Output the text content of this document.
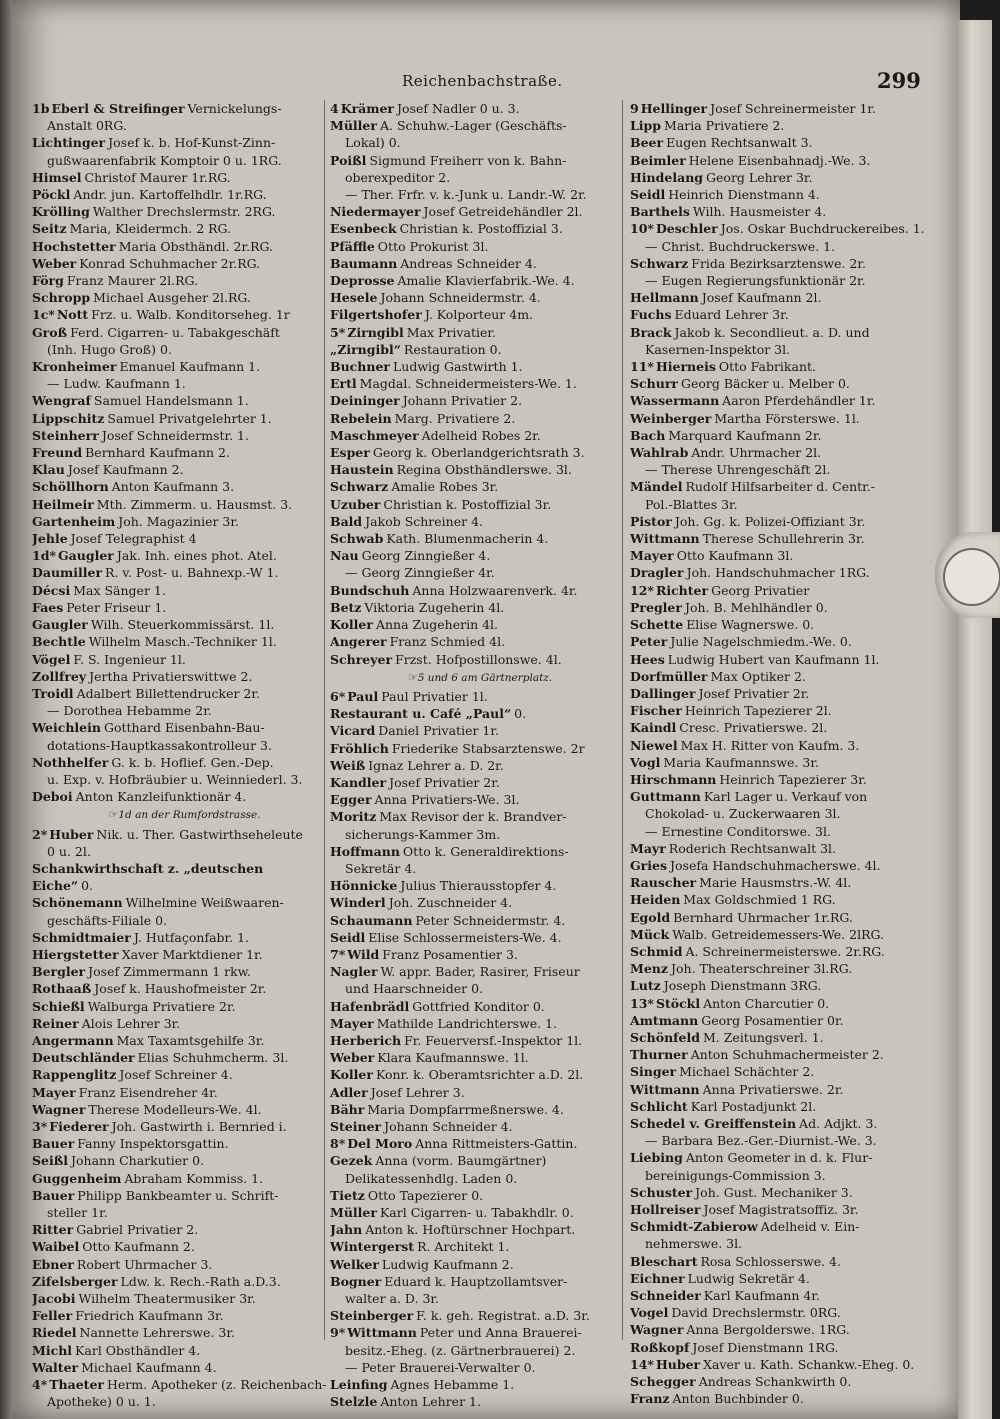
Reichenbachstraße.	299
1b Eberl & Streifinger Vernickelungs-
Anstalt 0RG.
Lichtinger Josef k. b. Hof-Kunst-Zinn-
gußwaarenfabrik Komptoir 0 u. 1RG.
Himsel Christof Maurer 1r.RG.
Pöckl Andr. jun. Kartoffelhdlr. 1r.RG.
Krölling Walther Drechslermstr. 2RG.
Seitz Maria, Kleidermch. 2 RG.
Hochstetter Maria Obsthändl. 2r.RG.
Weber Konrad Schuhmacher 2r.RG.
Förg Franz Maurer 2l.RG.
Schropp Michael Ausgeher 2l.RG.
1c* Nott Frz. u. Walb. Konditorseheg. 1r
Groß Ferd. Cigarren- u. Tabakgeschäft
(Inh. Hugo Groß) 0.
Kronheimer Emanuel Kaufmann 1.
— Ludw. Kaufmann 1.
Wengraf Samuel Handelsmann 1.
Lippschitz Samuel Privatgelehrter 1.
Steinherr Josef Schneidermstr. 1.
Freund Bernhard Kaufmann 2.
Klau Josef Kaufmann 2.
Schöllhorn Anton Kaufmann 3.
Heilmeir Mth. Zimmerm. u. Hausmst. 3.
Gartenheim Joh. Magazinier 3r.
Jehle Josef Telegraphist 4
1d* Gaugler Jak. Inh. eines phot. Atel.
Daumiller R. v. Post- u. Bahnexp.-W 1.
Décsi Max Sänger 1.
Faes Peter Friseur 1.
Gaugler Wilh. Steuerkommissärst. 1l.
Bechtle Wilhelm Masch.-Techniker 1l.
Vögel F. S. Ingenieur 1l.
Zollfrey Jertha Privatierswittwe 2.
Troidl Adalbert Billettendrucker 2r.
— Dorothea Hebamme 2r.
Weichlein Gotthard Eisenbahn-Bau-
dotations-Hauptkassakontrolleur 3.
Nothhelfer G. k. b. Hoflief. Gen.-Dep.
u. Exp. v. Hofbräubier u. Weinniederl. 3.
Deboi Anton Kanzleifunktionär 4.
☞ 1d an der Rumfordstrasse.
2* Huber Nik. u. Ther. Gastwirthseheleute
0 u. 2l.
Schankwirthschaft z. „deutschen
Eiche“ 0.
Schönemann Wilhelmine Weißwaaren-
geschäfts-Filiale 0.
Schmidtmaier J. Hutfaçonfabr. 1.
Hiergstetter Xaver Marktdiener 1r.
Bergler Josef Zimmermann 1 rkw.
Rothaaß Josef k. Haushofmeister 2r.
Schießl Walburga Privatiere 2r.
Reiner Alois Lehrer 3r.
Angermann Max Taxamtsgehilfe 3r.
Deutschländer Elias Schuhmcherm. 3l.
Rappenglitz Josef Schreiner 4.
Mayer Franz Eisendreher 4r.
Wagner Therese Modelleurs-We. 4l.
3* Fiederer Joh. Gastwirth i. Bernried i.
Bauer Fanny Inspektorsgattin.
Seißl Johann Charkutier 0.
Guggenheim Abraham Kommiss. 1.
Bauer Philipp Bankbeamter u. Schrift-
steller 1r.
Ritter Gabriel Privatier 2.
Waibel Otto Kaufmann 2.
Ebner Robert Uhrmacher 3.
Zifelsberger Ldw. k. Rech.-Rath a.D.3.
Jacobi Wilhelm Theatermusiker 3r.
Feller Friedrich Kaufmann 3r.
Riedel Nannette Lehrerswe. 3r.
Michl Karl Obsthändler 4.
Walter Michael Kaufmann 4.
4* Thaeter Herm. Apotheker (z. Reichenbach-
Apotheke) 0 u. 1.
4 Krämer Josef Nadler 0 u. 3.
Müller A. Schuhw.-Lager (Geschäfts-
Lokal) 0.
Poißl Sigmund Freiherr von k. Bahn-
oberexpeditor 2.
— Ther. Frfr. v. k.-Junk u. Landr.-W. 2r.
Niedermayer Josef Getreidehändler 2l.
Esenbeck Christian k. Postoffizial 3.
Pfäffle Otto Prokurist 3l.
Baumann Andreas Schneider 4.
Deprosse Amalie Klavierfabrik.-We. 4.
Hesele Johann Schneidermstr. 4.
Filgertshofer J. Kolporteur 4m.
5* Zirngibl Max Privatier.
„Zirngibl“ Restauration 0.
Buchner Ludwig Gastwirth 1.
Ertl Magdal. Schneidermeisters-We. 1.
Deininger Johann Privatier 2.
Rebelein Marg. Privatiere 2.
Maschmeyer Adelheid Robes 2r.
Esper Georg k. Oberlandgerichtsrath 3.
Haustein Regina Obsthändlerswe. 3l.
Schwarz Amalie Robes 3r.
Uzuber Christian k. Postoffizial 3r.
Bald Jakob Schreiner 4.
Schwab Kath. Blumenmacherin 4.
Nau Georg Zinngießer 4.
— Georg Zinngießer 4r.
Bundschuh Anna Holzwaarenverk. 4r.
Betz Viktoria Zugeherin 4l.
Koller Anna Zugeherin 4l.
Angerer Franz Schmied 4l.
Schreyer Frzst. Hofpostillonswe. 4l.
☞ 5 und 6 am Gärtnerplatz.
6* Paul Paul Privatier 1l.
Restaurant u. Café „Paul“ 0.
Vicard Daniel Privatier 1r.
Fröhlich Friederike Stabsarztenswe. 2r
Weiß Ignaz Lehrer a. D. 2r.
Kandler Josef Privatier 2r.
Egger Anna Privatiers-We. 3l.
Moritz Max Revisor der k. Brandver-
sicherungs-Kammer 3m.
Hoffmann Otto k. Generaldirektions-
Sekretär 4.
Hönnicke Julius Thierausstopfer 4.
Winderl Joh. Zuschneider 4.
Schaumann Peter Schneidermstr. 4.
Seidl Elise Schlossermeisters-We. 4.
7* Wild Franz Posamentier 3.
Nagler W. appr. Bader, Rasirer, Friseur
und Haarschneider 0.
Hafenbrädl Gottfried Konditor 0.
Mayer Mathilde Landrichterswe. 1.
Herberich Fr. Feuerversf.-Inspektor 1l.
Weber Klara Kaufmannswe. 1l.
Koller Konr. k. Oberamtsrichter a.D. 2l.
Adler Josef Lehrer 3.
Bähr Maria Dompfarrmeßnerswe. 4.
Steiner Johann Schneider 4.
8* Del Moro Anna Rittmeisters-Gattin.
Gezek Anna (vorm. Baumgärtner)
Delikatessenhdlg. Laden 0.
Tietz Otto Tapezierer 0.
Müller Karl Cigarren- u. Tabakhdlr. 0.
Jahn Anton k. Hoftürschner Hochpart.
Wintergerst R. Architekt 1.
Welker Ludwig Kaufmann 2.
Bogner Eduard k. Hauptzollamtsver-
walter a. D. 3r.
Steinberger F. k. geh. Registrat. a.D. 3r.
9* Wittmann Peter und Anna Brauerei-
besitz.-Eheg. (z. Gärtnerbrauerei) 2.
— Peter Brauerei-Verwalter 0.
Leinfing Agnes Hebamme 1.
Stelzle Anton Lehrer 1.
9 Hellinger Josef Schreinermeister 1r.
Lipp Maria Privatiere 2.
Beer Eugen Rechtsanwalt 3.
Beimler Helene Eisenbahnadj.-We. 3.
Hindelang Georg Lehrer 3r.
Seidl Heinrich Dienstmann 4.
Barthels Wilh. Hausmeister 4.
10* Deschler Jos. Oskar Buchdruckereibes. 1.
— Christ. Buchdruckerswe. 1.
Schwarz Frida Bezirksarztenswe. 2r.
— Eugen Regierungsfunktionär 2r.
Hellmann Josef Kaufmann 2l.
Fuchs Eduard Lehrer 3r.
Brack Jakob k. Secondlieut. a. D. und
Kasernen-Inspektor 3l.
11* Hierneis Otto Fabrikant.
Schurr Georg Bäcker u. Melber 0.
Wassermann Aaron Pferdehändler 1r.
Weinberger Martha Försterswe. 1l.
Bach Marquard Kaufmann 2r.
Wahlrab Andr. Uhrmacher 2l.
— Therese Uhrengeschäft 2l.
Mändel Rudolf Hilfsarbeiter d. Centr.-
Pol.-Blattes 3r.
Pistor Joh. Gg. k. Polizei-Offiziant 3r.
Wittmann Therese Schullehrerin 3r.
Mayer Otto Kaufmann 3l.
Dragler Joh. Handschuhmacher 1RG.
12* Richter Georg Privatier
Pregler Joh. B. Mehlhändler 0.
Schette Elise Wagnerswe. 0.
Peter Julie Nagelschmiedm.-We. 0.
Hees Ludwig Hubert van Kaufmann 1l.
Dorfmüller Max Optiker 2.
Dallinger Josef Privatier 2r.
Fischer Heinrich Tapezierer 2l.
Kaindl Cresc. Privatierswe. 2l.
Niewel Max H. Ritter von Kaufm. 3.
Vogl Maria Kaufmannswe. 3r.
Hirschmann Heinrich Tapezierer 3r.
Guttmann Karl Lager u. Verkauf von
Chokolad- u. Zuckerwaaren 3l.
— Ernestine Conditorswe. 3l.
Mayr Roderich Rechtsanwalt 3l.
Gries Josefa Handschuhmacherswe. 4l.
Rauscher Marie Hausmstrs.-W. 4l.
Heiden Max Goldschmied 1 RG.
Egold Bernhard Uhrmacher 1r.RG.
Mück Walb. Getreidemessers-We. 2lRG.
Schmid A. Schreinermeisterswe. 2r.RG.
Menz Joh. Theaterschreiner 3l.RG.
Lutz Joseph Dienstmann 3RG.
13* Stöckl Anton Charcutier 0.
Amtmann Georg Posamentier 0r.
Schönfeld M. Zeitungsverl. 1.
Thurner Anton Schuhmachermeister 2.
Singer Michael Schächter 2.
Wittmann Anna Privatierswe. 2r.
Schlicht Karl Postadjunkt 2l.
Schedel v. Greiffenstein Ad. Adjkt. 3.
— Barbara Bez.-Ger.-Diurnist.-We. 3.
Liebing Anton Geometer in d. k. Flur-
bereinigungs-Commission 3.
Schuster Joh. Gust. Mechaniker 3.
Hollreiser Josef Magistratsoffiz. 3r.
Schmidt-Zabierow Adelheid v. Ein-
nehmerswe. 3l.
Bleschart Rosa Schlosserswe. 4.
Eichner Ludwig Sekretär 4.
Schneider Karl Kaufmann 4r.
Vogel David Drechslermstr. 0RG.
Wagner Anna Bergolderswe. 1RG.
Roßkopf Josef Dienstmann 1RG.
14* Huber Xaver u. Kath. Schankw.-Eheg. 0.
Schegger Andreas Schankwirth 0.
Franz Anton Buchbinder 0.
